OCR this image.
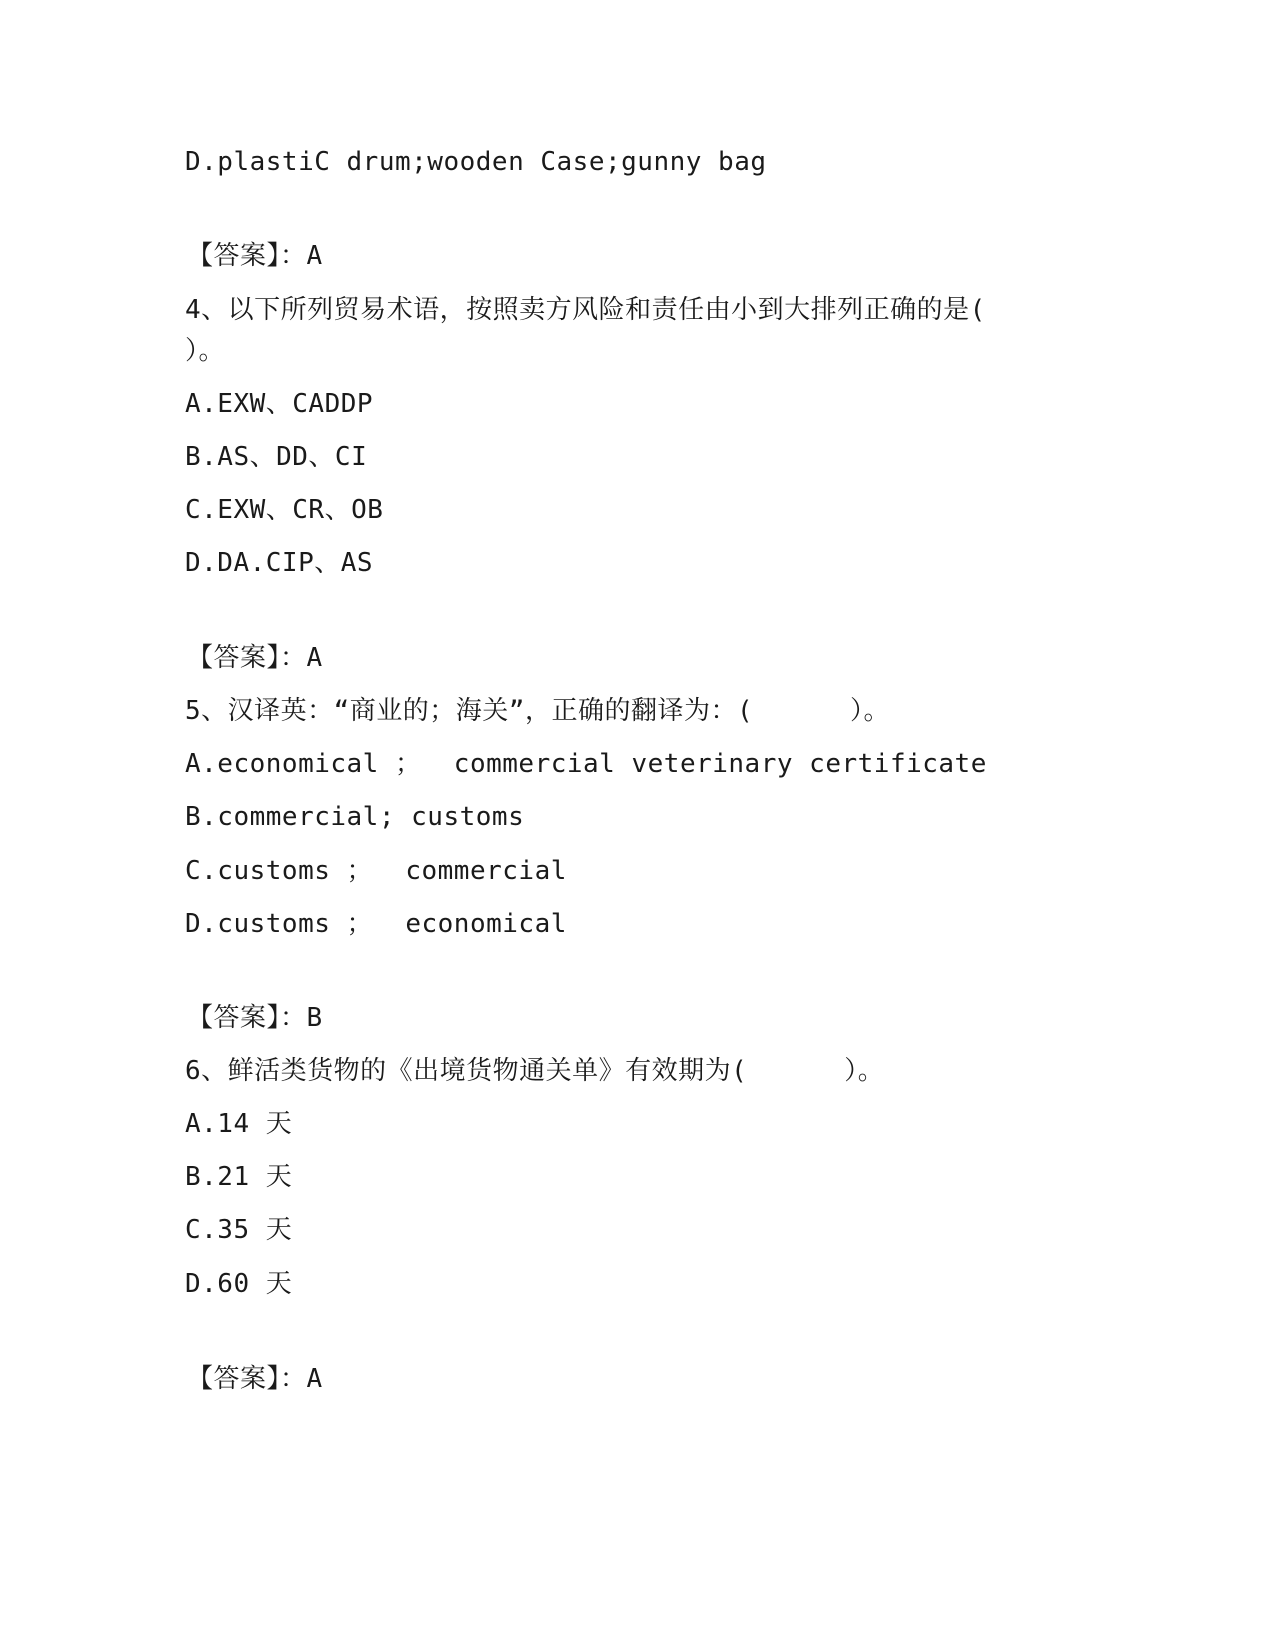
D.plastiC drum;wooden Case;gunny bag
【答案】：A
4、以下所列贸易术语，按照卖方风险和责任由小到大排列正确的是(
）。
A.EXW、CADDP
B.AS、DD、CI
C.EXW、CR、OB
D.DA.CIP、AS
【答案】：A
5、汉译英：“商业的；海关”，正确的翻译为：(      ）。
A.economical ；  commercial veterinary certificate
B.commercial; customs
C.customs ；  commercial
D.customs ；  economical
【答案】：B
6、鲜活类货物的《出境货物通关单》有效期为(      ）。
A.14 天
B.21 天
C.35 天
D.60 天
【答案】：A
